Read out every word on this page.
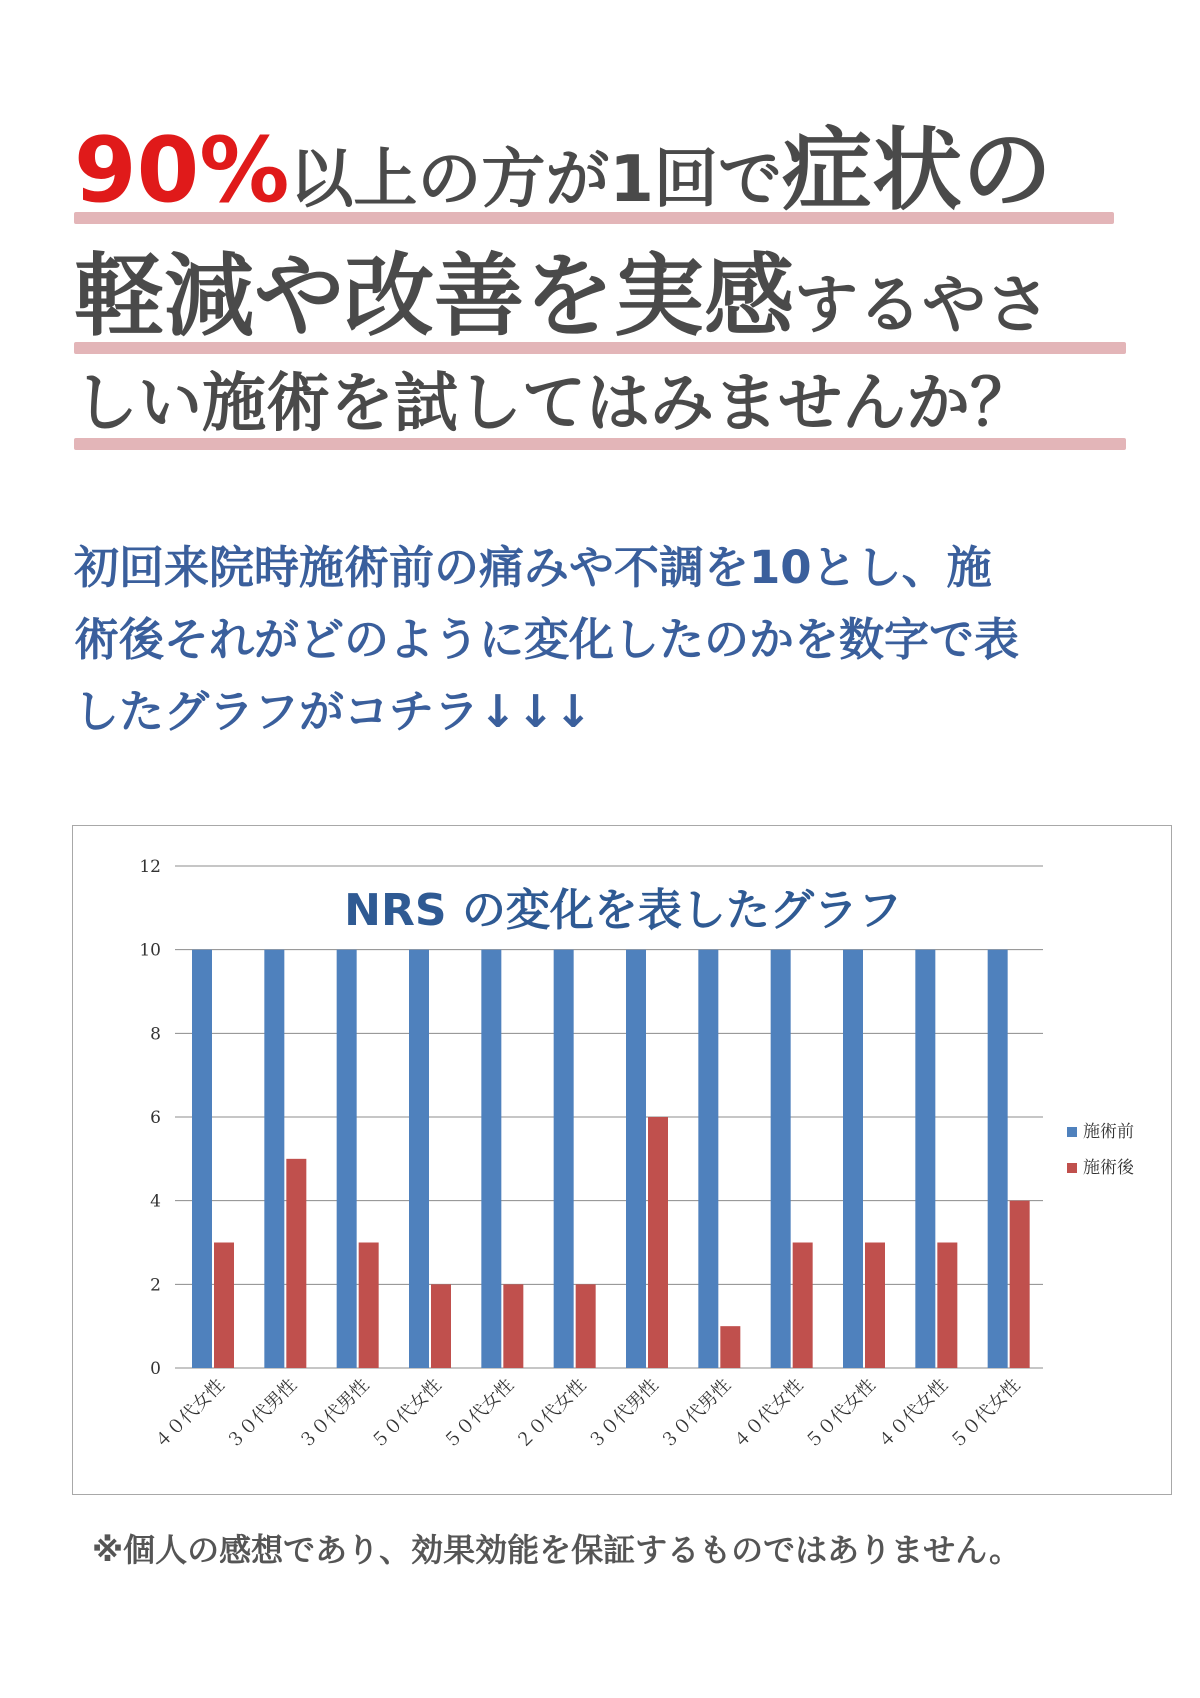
90%以上の方が1回で症状の
軽減や改善を実感するやさ
しい施術を試してはみませんか？
初回来院時施術前の痛みや不調を10とし、施
術後それがどのように変化したのかを数字で表
したグラフがコチラ↓↓↓
0
2
4
6
8
10
12
４０代女性
３０代男性
３０代男性
５０代女性
５０代女性
２０代女性
３０代男性
３０代男性
４０代女性
５０代女性
４０代女性
５０代女性
施術前
施術後
NRS の変化を表したグラフ
※個人の感想であり、効果効能を保証するものではありません。
